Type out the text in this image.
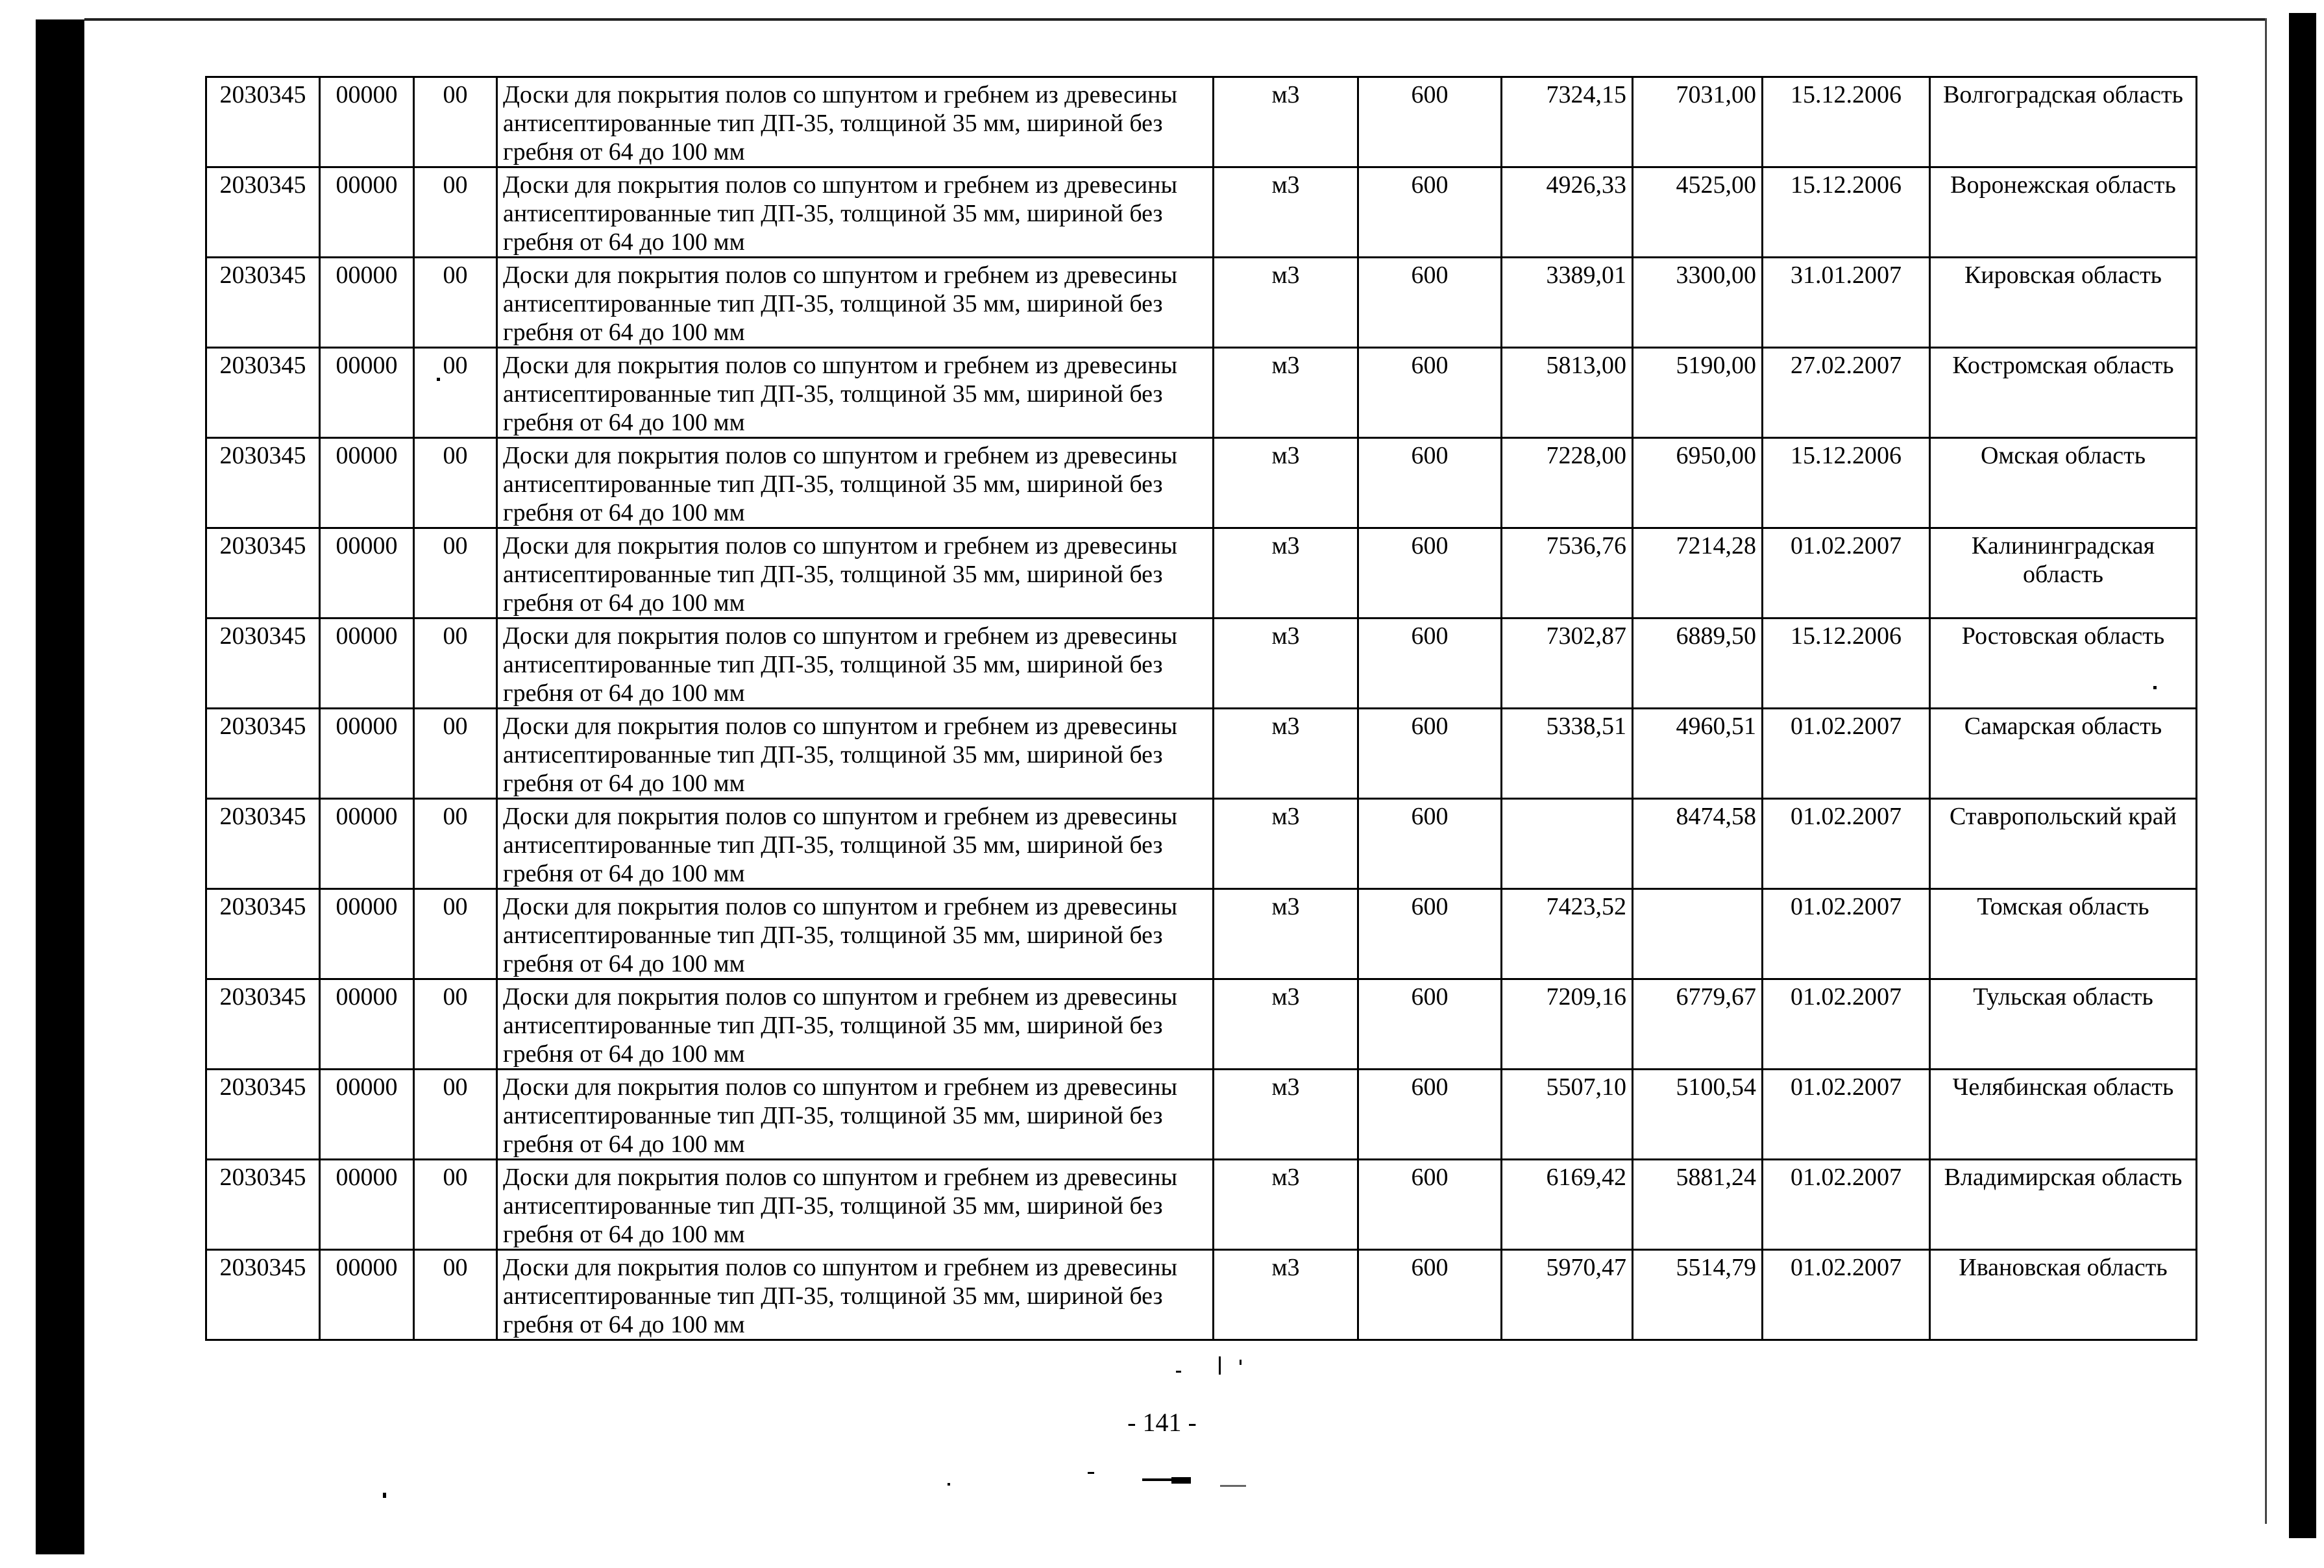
2030345	00000	00	Доски для покрытия полов со шпунтом и гребнем из древесины антисептированные тип ДП-35, толщиной 35 мм, шириной без гребня от 64 до 100 мм	м3	600	7324,15	7031,00	15.12.2006	Волгоградская область
2030345	00000	00	Доски для покрытия полов со шпунтом и гребнем из древесины антисептированные тип ДП-35, толщиной 35 мм, шириной без гребня от 64 до 100 мм	м3	600	4926,33	4525,00	15.12.2006	Воронежская область
2030345	00000	00	Доски для покрытия полов со шпунтом и гребнем из древесины антисептированные тип ДП-35, толщиной 35 мм, шириной без гребня от 64 до 100 мм	м3	600	3389,01	3300,00	31.01.2007	Кировская область
2030345	00000	00	Доски для покрытия полов со шпунтом и гребнем из древесины антисептированные тип ДП-35, толщиной 35 мм, шириной без гребня от 64 до 100 мм	м3	600	5813,00	5190,00	27.02.2007	Костромская область
2030345	00000	00	Доски для покрытия полов со шпунтом и гребнем из древесины антисептированные тип ДП-35, толщиной 35 мм, шириной без гребня от 64 до 100 мм	м3	600	7228,00	6950,00	15.12.2006	Омская область
2030345	00000	00	Доски для покрытия полов со шпунтом и гребнем из древесины антисептированные тип ДП-35, толщиной 35 мм, шириной без гребня от 64 до 100 мм	м3	600	7536,76	7214,28	01.02.2007	Калининградская область
2030345	00000	00	Доски для покрытия полов со шпунтом и гребнем из древесины антисептированные тип ДП-35, толщиной 35 мм, шириной без гребня от 64 до 100 мм	м3	600	7302,87	6889,50	15.12.2006	Ростовская область
2030345	00000	00	Доски для покрытия полов со шпунтом и гребнем из древесины антисептированные тип ДП-35, толщиной 35 мм, шириной без гребня от 64 до 100 мм	м3	600	5338,51	4960,51	01.02.2007	Самарская область
2030345	00000	00	Доски для покрытия полов со шпунтом и гребнем из древесины антисептированные тип ДП-35, толщиной 35 мм, шириной без гребня от 64 до 100 мм	м3	600		8474,58	01.02.2007	Ставропольский край
2030345	00000	00	Доски для покрытия полов со шпунтом и гребнем из древесины антисептированные тип ДП-35, толщиной 35 мм, шириной без гребня от 64 до 100 мм	м3	600	7423,52		01.02.2007	Томская область
2030345	00000	00	Доски для покрытия полов со шпунтом и гребнем из древесины антисептированные тип ДП-35, толщиной 35 мм, шириной без гребня от 64 до 100 мм	м3	600	7209,16	6779,67	01.02.2007	Тульская область
2030345	00000	00	Доски для покрытия полов со шпунтом и гребнем из древесины антисептированные тип ДП-35, толщиной 35 мм, шириной без гребня от 64 до 100 мм	м3	600	5507,10	5100,54	01.02.2007	Челябинская область
2030345	00000	00	Доски для покрытия полов со шпунтом и гребнем из древесины антисептированные тип ДП-35, толщиной 35 мм, шириной без гребня от 64 до 100 мм	м3	600	6169,42	5881,24	01.02.2007	Владимирская область
2030345	00000	00	Доски для покрытия полов со шпунтом и гребнем из древесины антисептированные тип ДП-35, толщиной 35 мм, шириной без гребня от 64 до 100 мм	м3	600	5970,47	5514,79	01.02.2007	Ивановская область
- 141 -
